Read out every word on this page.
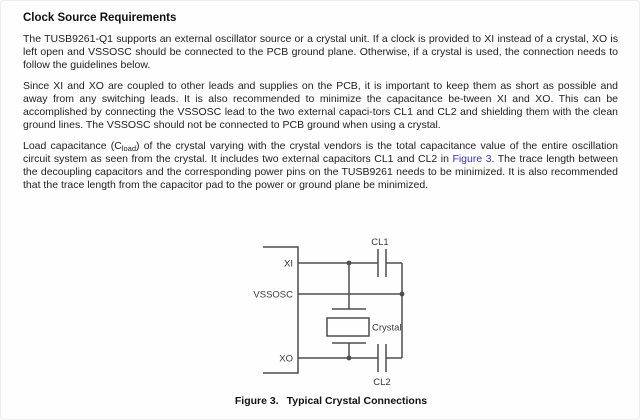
Clock Source Requirements

The TUSB9261-Q1 supports an external oscillator source or a crystal unit. If a clock is provided to XI instead of a crystal, XO is left open and VSSOSC should be connected to the PCB ground plane. Otherwise, if a crystal is used, the connection needs to follow the guidelines below.

Since XI and XO are coupled to other leads and supplies on the PCB, it is important to keep them as short as possible and away from any switching leads. It is also recommended to minimize the capacitance be-tween XI and XO. This can be accomplished by connecting the VSSOSC lead to the two external capaci-tors CL1 and CL2 and shielding them with the clean ground lines. The VSSOSC should not be connected to PCB ground when using a crystal.

Load capacitance $(C_{load})$ of the crystal varying with the crystal vendors is the total capacitance value of the entire oscillation circuit system as seen from the crystal. It includes two external capacitors CL1 and CL2 in Figure 3. The trace length between the decoupling capacitors and the corresponding power pins on the TUSB9261 needs to be minimized. It is also recommended that the trace length from the capacitor pad to the power or ground plane be minimized.

XI
VSSOSC
XO
CL1
CL2
Crystal
Figure 3. Typical Crystal Connections
